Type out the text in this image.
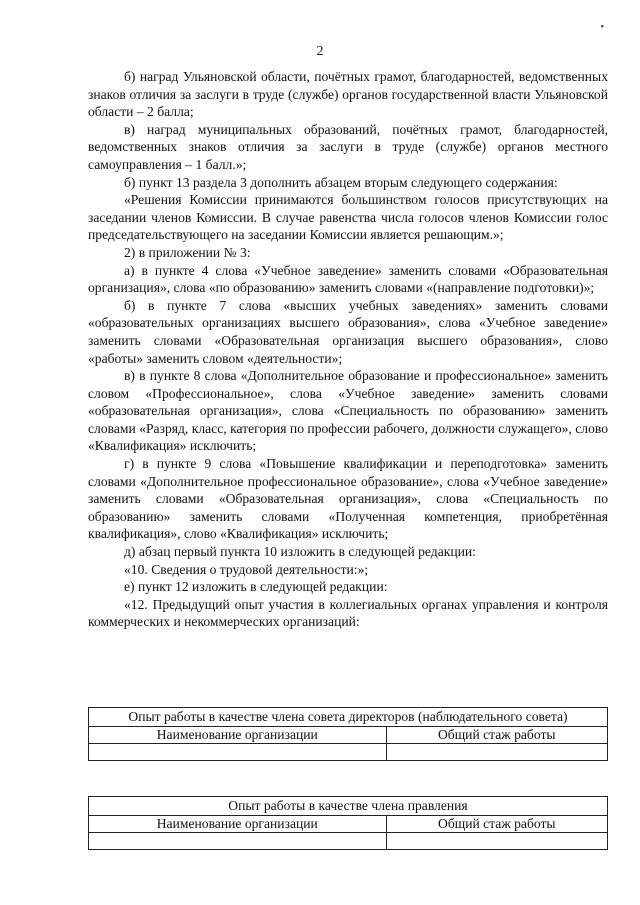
•
2

б) наград Ульяновской области, почётных грамот, благодарностей, ведомственных знаков отличия за заслуги в труде (службе) органов государственной власти Ульяновской области – 2 балла;

в) наград муниципальных образований, почётных грамот, благодарностей, ведомственных знаков отличия за заслуги в труде (службе) органов местного самоуправления – 1 балл.»;

б) пункт 13 раздела 3 дополнить абзацем вторым следующего содержания:

«Решения Комиссии принимаются большинством голосов присутствующих на заседании членов Комиссии. В случае равенства числа голосов членов Комиссии голос председательствующего на заседании Комиссии является решающим.»;

2) в приложении № 3:

а) в пункте 4 слова «Учебное заведение» заменить словами «Образовательная организация», слова «по образованию» заменить словами «(направление подготовки)»;

б) в пункте 7 слова «высших учебных заведениях» заменить словами «образовательных организациях высшего образования», слова «Учебное заведение» заменить словами «Образовательная организация высшего образования», слово «работы» заменить словом «деятельности»;

в) в пункте 8 слова «Дополнительное образование и профессиональное» заменить словом «Профессиональное», слова «Учебное заведение» заменить словами «образовательная организация», слова «Специальность по образованию» заменить словами «Разряд, класс, категория по профессии рабочего, должности служащего», слово «Квалификация» исключить;

г) в пункте 9 слова «Повышение квалификации и переподготовка» заменить словами «Дополнительное профессиональное образование», слова «Учебное заведение» заменить словами «Образовательная организация», слова «Специальность по образованию» заменить словами «Полученная компетенция, приобретённая квалификация», слово «Квалификация» исключить;

д) абзац первый пункта 10 изложить в следующей редакции:

«10. Сведения о трудовой деятельности:»;

е) пункт 12 изложить в следующей редакции:

«12. Предыдущий опыт участия в коллегиальных органах управления и контроля коммерческих и некоммерческих организаций:

Опыт работы в качестве члена совета директоров (наблюдательного совета)	
Наименование организации	Общий стаж работы

Опыт работы в качестве члена правления	
Наименование организации	Общий стаж работы
